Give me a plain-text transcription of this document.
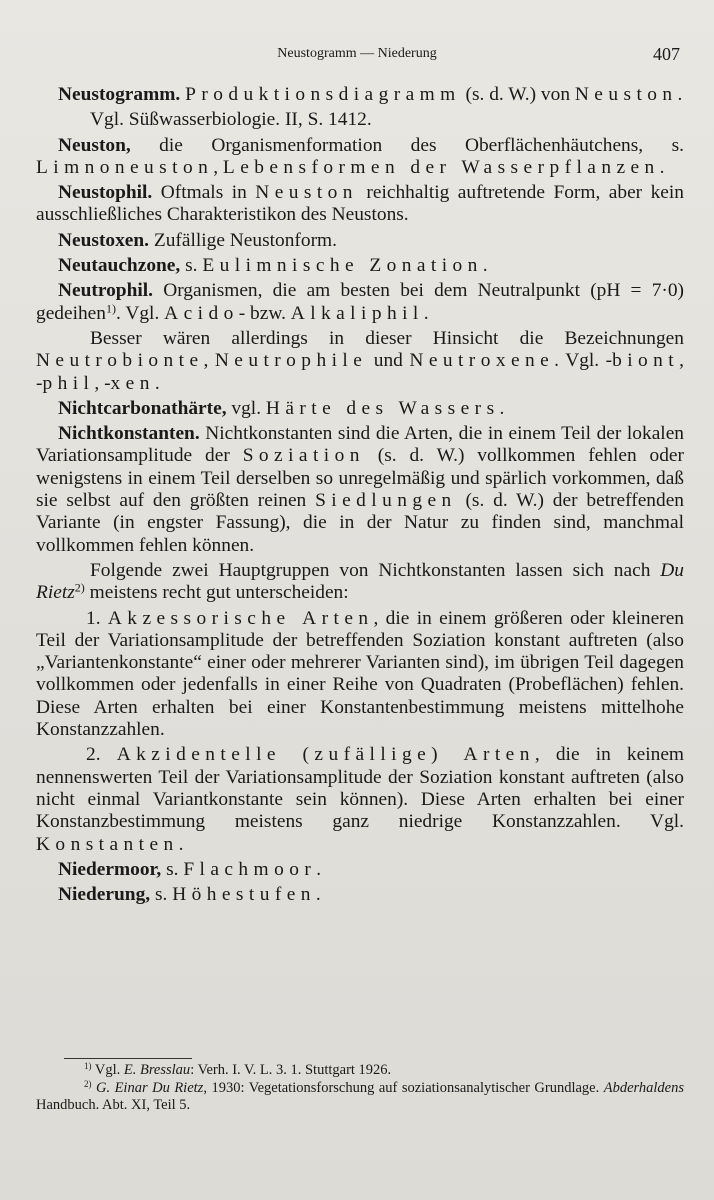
Neustogramm — Niederung	407

Neustogramm. Produktionsdiagramm (s. d. W.) von Neuston.

Vgl. Süßwasserbiologie. II, S. 1412.

Neuston, die Organismenformation des Oberflächenhäutchens, s. Limnoneuston, Lebensformen der Wasserpflanzen.

Neustophil. Oftmals in Neuston reichhaltig auftretende Form, aber kein ausschließliches Charakteristikon des Neustons.

Neustoxen. Zufällige Neustonform.

Neutauchzone, s. Eulimnische Zonation.

Neutrophil. Organismen, die am besten bei dem Neutralpunkt (pH = 7·0) gedeihen$^{1)}$. Vgl. Acido- bzw. Alkaliphil.

Besser wären allerdings in dieser Hinsicht die Bezeichnungen Neutrobionte, Neutrophile und Neutroxene. Vgl. -biont, -phil, -xen.

Nichtcarbonathärte, vgl. Härte des Wassers.

Nichtkonstanten. Nichtkonstanten sind die Arten, die in einem Teil der lokalen Variationsamplitude der Soziation (s. d. W.) vollkommen fehlen oder wenigstens in einem Teil derselben so unregelmäßig und spärlich vorkommen, daß sie selbst auf den größten reinen Siedlungen (s. d. W.) der betreffenden Variante (in engster Fassung), die in der Natur zu finden sind, manchmal vollkommen fehlen können.

Folgende zwei Hauptgruppen von Nichtkonstanten lassen sich nach Du Rietz$^{2)}$ meistens recht gut unterscheiden:

1. Akzessorische Arten, die in einem größeren oder kleineren Teil der Variationsamplitude der betreffenden Soziation konstant auftreten (also „Variantenkonstante“ einer oder mehrerer Varianten sind), im übrigen Teil dagegen vollkommen oder jedenfalls in einer Reihe von Quadraten (Probeflächen) fehlen. Diese Arten erhalten bei einer Konstantenbestimmung meistens mittelhohe Konstanzzahlen.

2. Akzidentelle (zufällige) Arten, die in keinem nennenswerten Teil der Variationsamplitude der Soziation konstant auftreten (also nicht einmal Variantkonstante sein können). Diese Arten erhalten bei einer Konstanzbestimmung meistens ganz niedrige Konstanzzahlen. Vgl. Konstanten.

Niedermoor, s. Flachmoor.

Niederung, s. Höhestufen.

$^{1)}$ Vgl. E. Bresslau: Verh. I. V. L. 3. 1. Stuttgart 1926.

$^{2)}$ G. Einar Du Rietz, 1930: Vegetationsforschung auf soziationsanalytischer Grundlage. Abderhaldens Handbuch. Abt. XI, Teil 5.
